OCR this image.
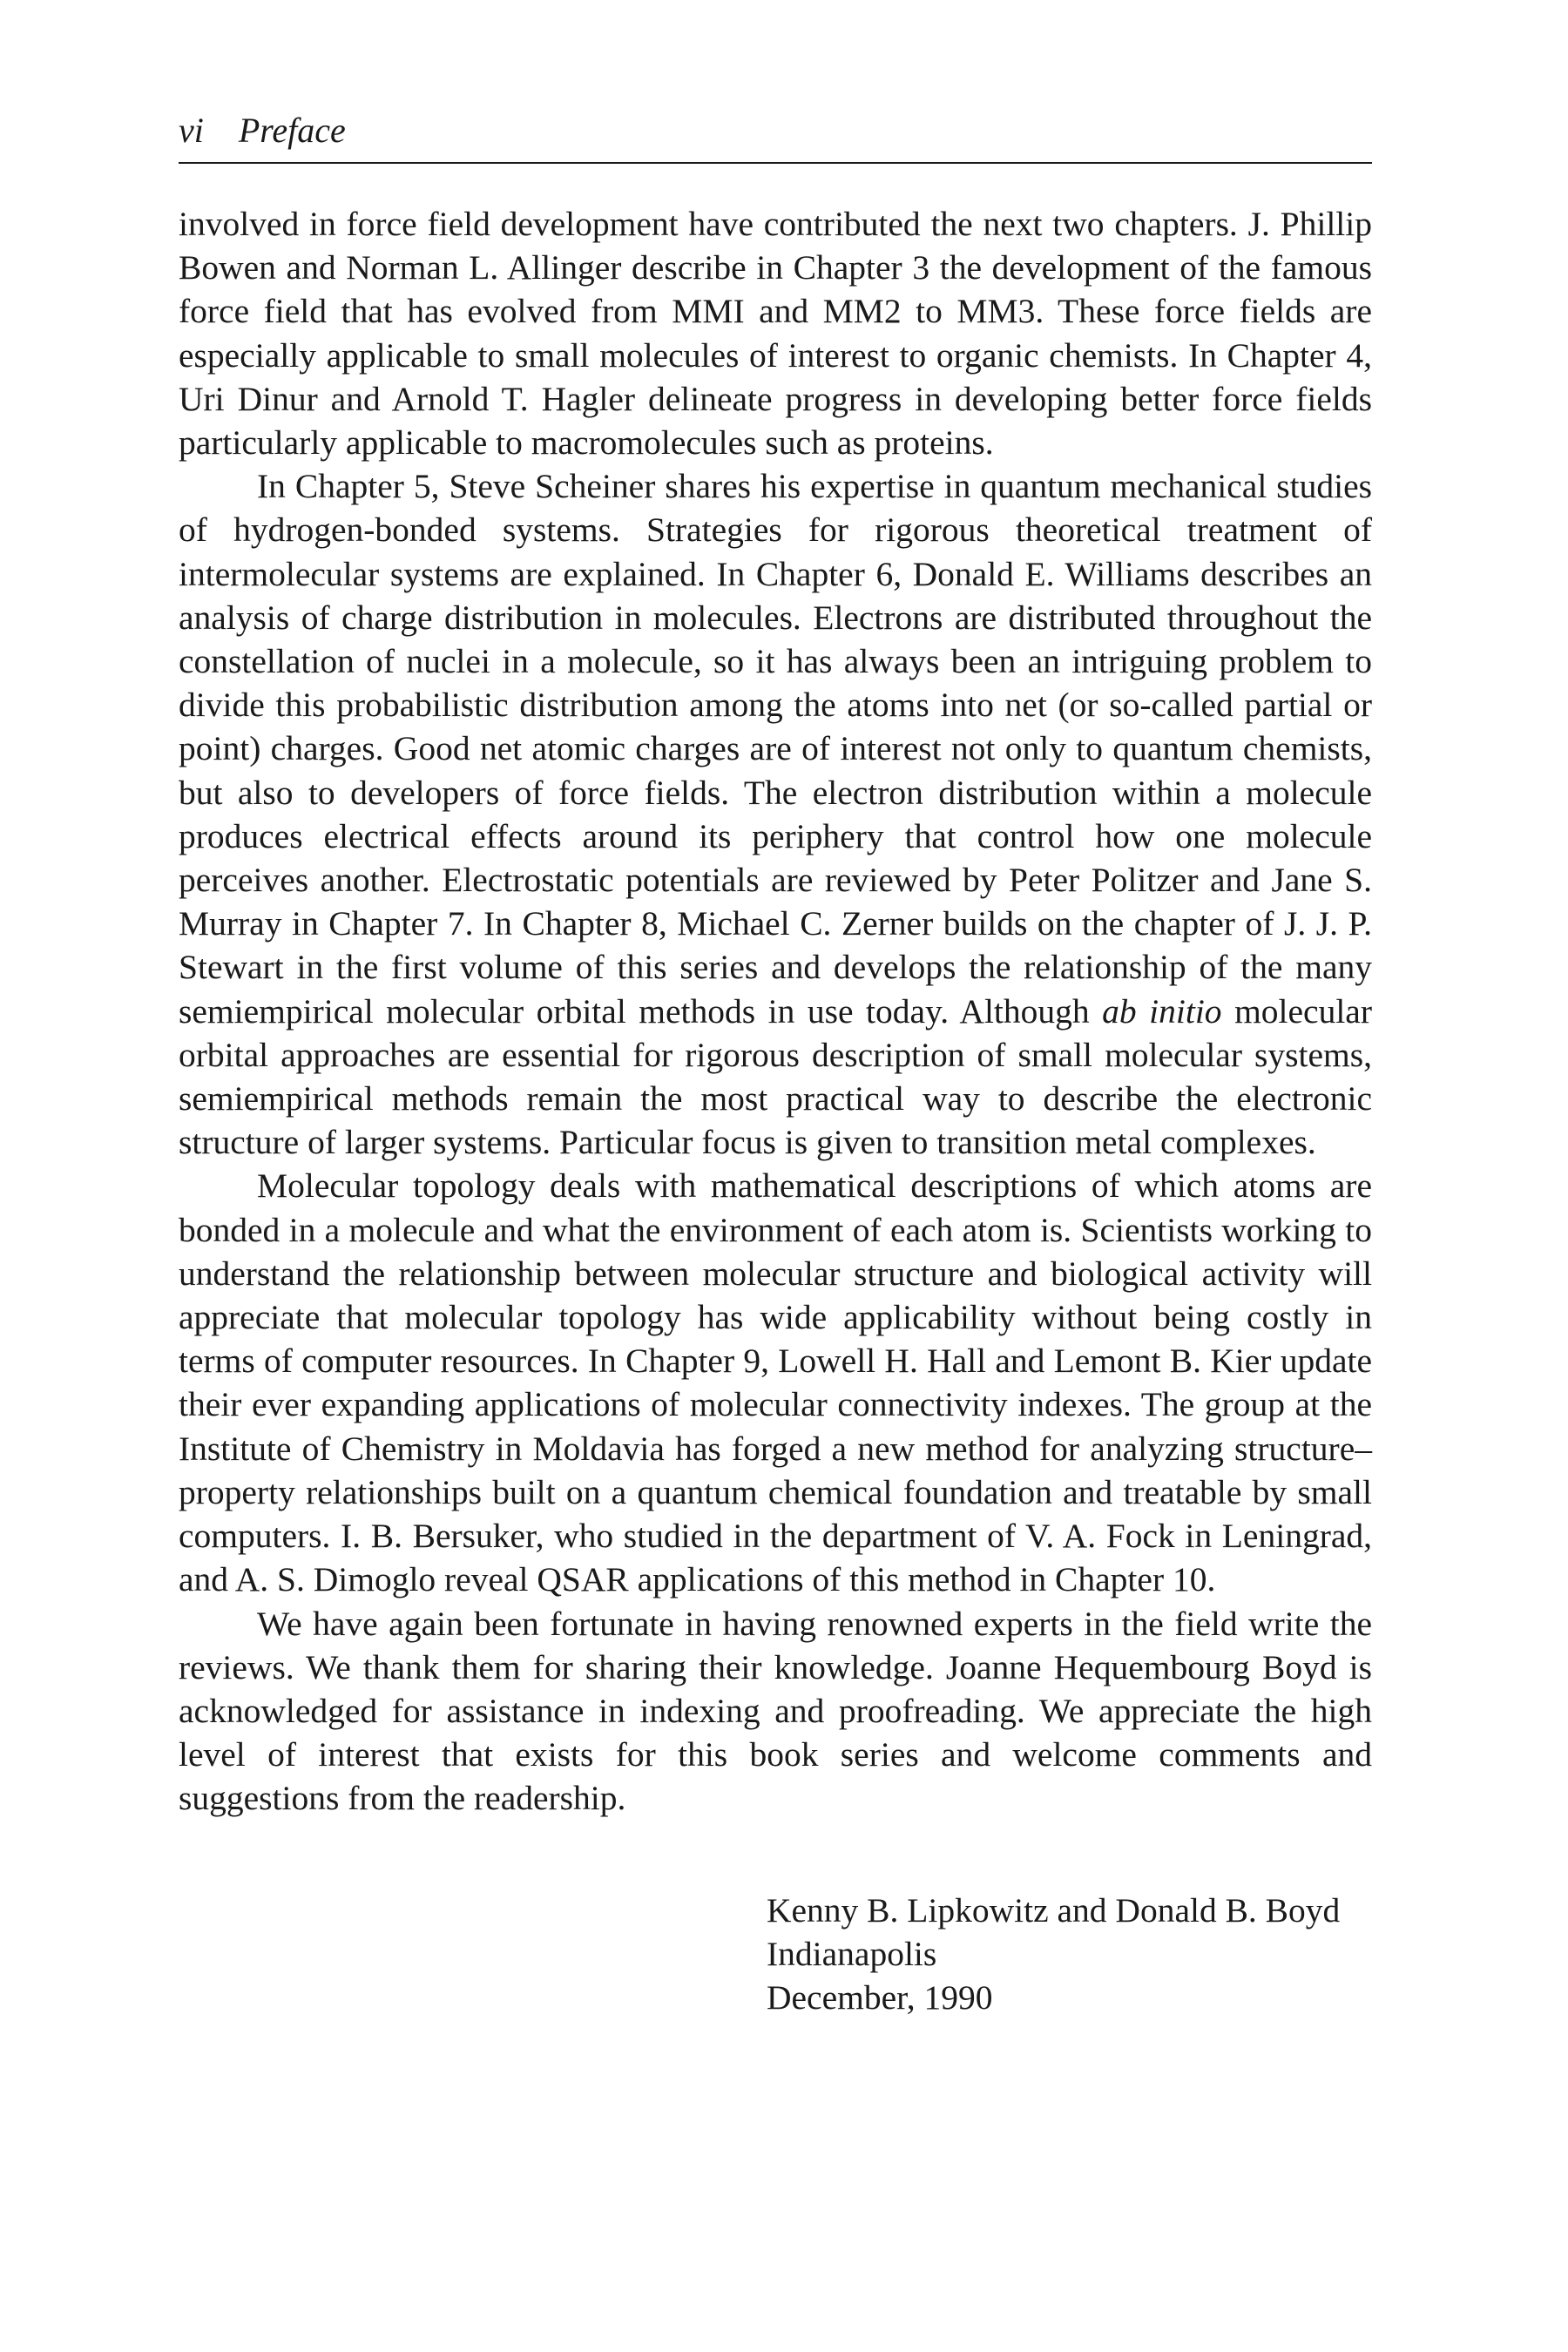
vi Preface

involved in force field development have contributed the next two chapters. J. Phillip Bowen and Norman L. Allinger describe in Chapter 3 the development of the famous force field that has evolved from MMI and MM2 to MM3. These force fields are especially applicable to small molecules of interest to organic chemists. In Chapter 4, Uri Dinur and Arnold T. Hagler delineate progress in developing better force fields particularly applicable to macromolecules such as proteins.

In Chapter 5, Steve Scheiner shares his expertise in quantum mechanical studies of hydrogen-bonded systems. Strategies for rigorous theoretical treatment of intermolecular systems are explained. In Chapter 6, Donald E. Williams describes an analysis of charge distribution in molecules. Electrons are distributed throughout the constellation of nuclei in a molecule, so it has always been an intriguing problem to divide this probabilistic distribution among the atoms into net (or so-called partial or point) charges. Good net atomic charges are of interest not only to quantum chemists, but also to developers of force fields. The electron distribution within a molecule produces electrical effects around its periphery that control how one molecule perceives another. Electrostatic potentials are reviewed by Peter Politzer and Jane S. Murray in Chapter 7. In Chapter 8, Michael C. Zerner builds on the chapter of J. J. P. Stewart in the first volume of this series and develops the relationship of the many semiempirical molecular orbital methods in use today. Although ab initio molecular orbital approaches are essential for rigorous description of small molecular systems, semiempirical methods remain the most practical way to describe the electronic structure of larger systems. Particular focus is given to transition metal complexes.

Molecular topology deals with mathematical descriptions of which atoms are bonded in a molecule and what the environment of each atom is. Scientists working to understand the relationship between molecular structure and biological activity will appreciate that molecular topology has wide applicability without being costly in terms of computer resources. In Chapter 9, Lowell H. Hall and Lemont B. Kier update their ever expanding applications of molecular connectivity indexes. The group at the Institute of Chemistry in Moldavia has forged a new method for analyzing structure–property relationships built on a quantum chemical foundation and treatable by small computers. I. B. Bersuker, who studied in the department of V. A. Fock in Leningrad, and A. S. Dimoglo reveal QSAR applications of this method in Chapter 10.

We have again been fortunate in having renowned experts in the field write the reviews. We thank them for sharing their knowledge. Joanne Hequembourg Boyd is acknowledged for assistance in indexing and proofreading. We appreciate the high level of interest that exists for this book series and welcome comments and suggestions from the readership.

Kenny B. Lipkowitz and Donald B. Boyd
Indianapolis
December, 1990
